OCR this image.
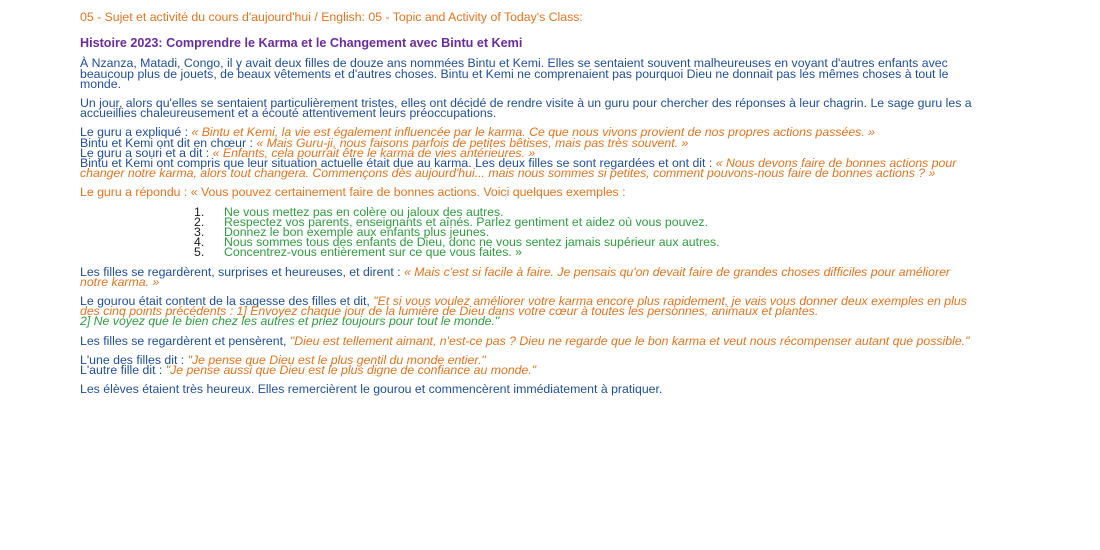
05 - Sujet et activité du cours d'aujourd'hui / English: 05 - Topic and Activity of Today's Class:

Histoire 2023: Comprendre le Karma et le Changement avec Bintu et Kemi

À Nzanza, Matadi, Congo, il y avait deux filles de douze ans nommées Bintu et Kemi. Elles se sentaient souvent malheureuses en voyant d'autres enfants avec beaucoup plus de jouets, de beaux vêtements et d'autres choses. Bintu et Kemi ne comprenaient pas pourquoi Dieu ne donnait pas les mêmes choses à tout le monde.

Un jour, alors qu'elles se sentaient particulièrement tristes, elles ont décidé de rendre visite à un guru pour chercher des réponses à leur chagrin. Le sage guru les a accueillies chaleureusement et a écouté attentivement leurs préoccupations.

Le guru a expliqué : « Bintu et Kemi, la vie est également influencée par le karma. Ce que nous vivons provient de nos propres actions passées. »
Bintu et Kemi ont dit en chœur : « Mais Guru-ji, nous faisons parfois de petites bêtises, mais pas très souvent. »
Le guru a souri et a dit : « Enfants, cela pourrait être le karma de vies antérieures. »
Bintu et Kemi ont compris que leur situation actuelle était due au karma. Les deux filles se sont regardées et ont dit : « Nous devons faire de bonnes actions pour changer notre karma, alors tout changera. Commençons dès aujourd'hui... mais nous sommes si petites, comment pouvons-nous faire de bonnes actions ? »

Le guru a répondu : « Vous pouvez certainement faire de bonnes actions. Voici quelques exemples :

1. Ne vous mettez pas en colère ou jaloux des autres.
2. Respectez vos parents, enseignants et aînés. Parlez gentiment et aidez où vous pouvez.
3. Donnez le bon exemple aux enfants plus jeunes.
4. Nous sommes tous des enfants de Dieu, donc ne vous sentez jamais supérieur aux autres.
5. Concentrez-vous entièrement sur ce que vous faites. »

Les filles se regardèrent, surprises et heureuses, et dirent : « Mais c'est si facile à faire. Je pensais qu'on devait faire de grandes choses difficiles pour améliorer notre karma. »

Le gourou était content de la sagesse des filles et dit, "Et si vous voulez améliorer votre karma encore plus rapidement, je vais vous donner deux exemples en plus des cinq points précédents : 1] Envoyez chaque jour de la lumière de Dieu dans votre cœur à toutes les personnes, animaux et plantes.
2] Ne voyez que le bien chez les autres et priez toujours pour tout le monde."

Les filles se regardèrent et pensèrent, "Dieu est tellement aimant, n'est-ce pas ? Dieu ne regarde que le bon karma et veut nous récompenser autant que possible."

L'une des filles dit : "Je pense que Dieu est le plus gentil du monde entier."
L'autre fille dit : "Je pense aussi que Dieu est le plus digne de confiance au monde."

Les élèves étaient très heureux. Elles remercièrent le gourou et commencèrent immédiatement à pratiquer.
